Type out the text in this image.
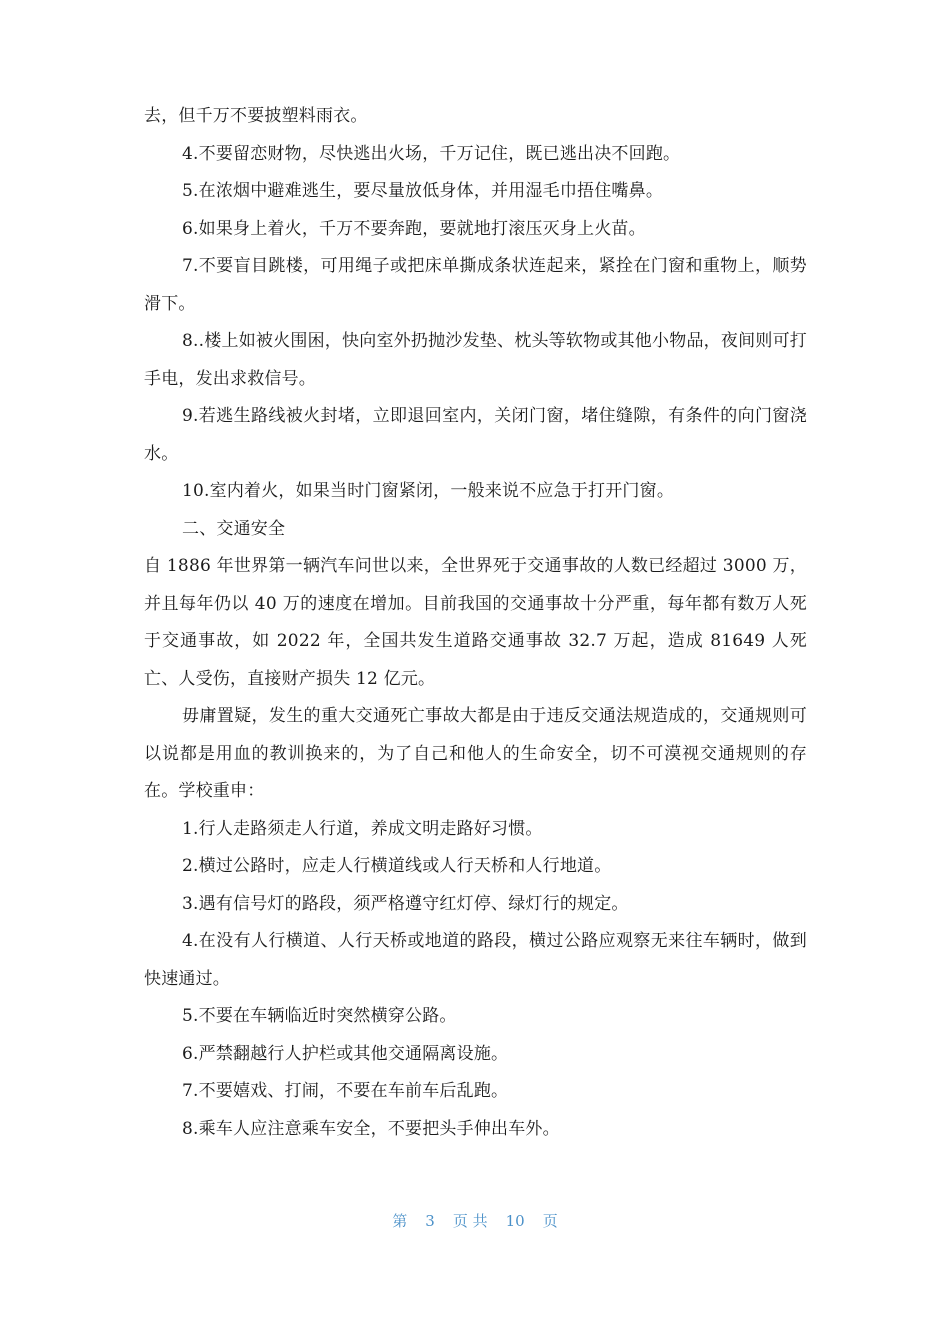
去，但千万不要披塑料雨衣。

4.不要留恋财物，尽快逃出火场，千万记住，既已逃出决不回跑。

5.在浓烟中避难逃生，要尽量放低身体，并用湿毛巾捂住嘴鼻。

6.如果身上着火，千万不要奔跑，要就地打滚压灭身上火苗。

7.不要盲目跳楼，可用绳子或把床单撕成条状连起来，紧拴在门窗和重物上，顺势滑下。

8..楼上如被火围困，快向室外扔抛沙发垫、枕头等软物或其他小物品，夜间则可打手电，发出求救信号。

9.若逃生路线被火封堵，立即退回室内，关闭门窗，堵住缝隙，有条件的向门窗浇水。

10.室内着火，如果当时门窗紧闭，一般来说不应急于打开门窗。

二、交通安全

自 1886 年世界第一辆汽车问世以来，全世界死于交通事故的人数已经超过 3000 万，并且每年仍以 40 万的速度在增加。目前我国的交通事故十分严重，每年都有数万人死于交通事故，如 2022 年，全国共发生道路交通事故 32.7 万起，造成 81649 人死亡、人受伤，直接财产损失 12 亿元。

毋庸置疑，发生的重大交通死亡事故大都是由于违反交通法规造成的，交通规则可以说都是用血的教训换来的，为了自己和他人的生命安全，切不可漠视交通规则的存在。学校重申：

1.行人走路须走人行道，养成文明走路好习惯。

2.横过公路时，应走人行横道线或人行天桥和人行地道。

3.遇有信号灯的路段，须严格遵守红灯停、绿灯行的规定。

4.在没有人行横道、人行天桥或地道的路段，横过公路应观察无来往车辆时，做到快速通过。

5.不要在车辆临近时突然横穿公路。

6.严禁翻越行人护栏或其他交通隔离设施。

7.不要嬉戏、打闹，不要在车前车后乱跑。

8.乘车人应注意乘车安全，不要把头手伸出车外。

第 3 页 共 10 页
